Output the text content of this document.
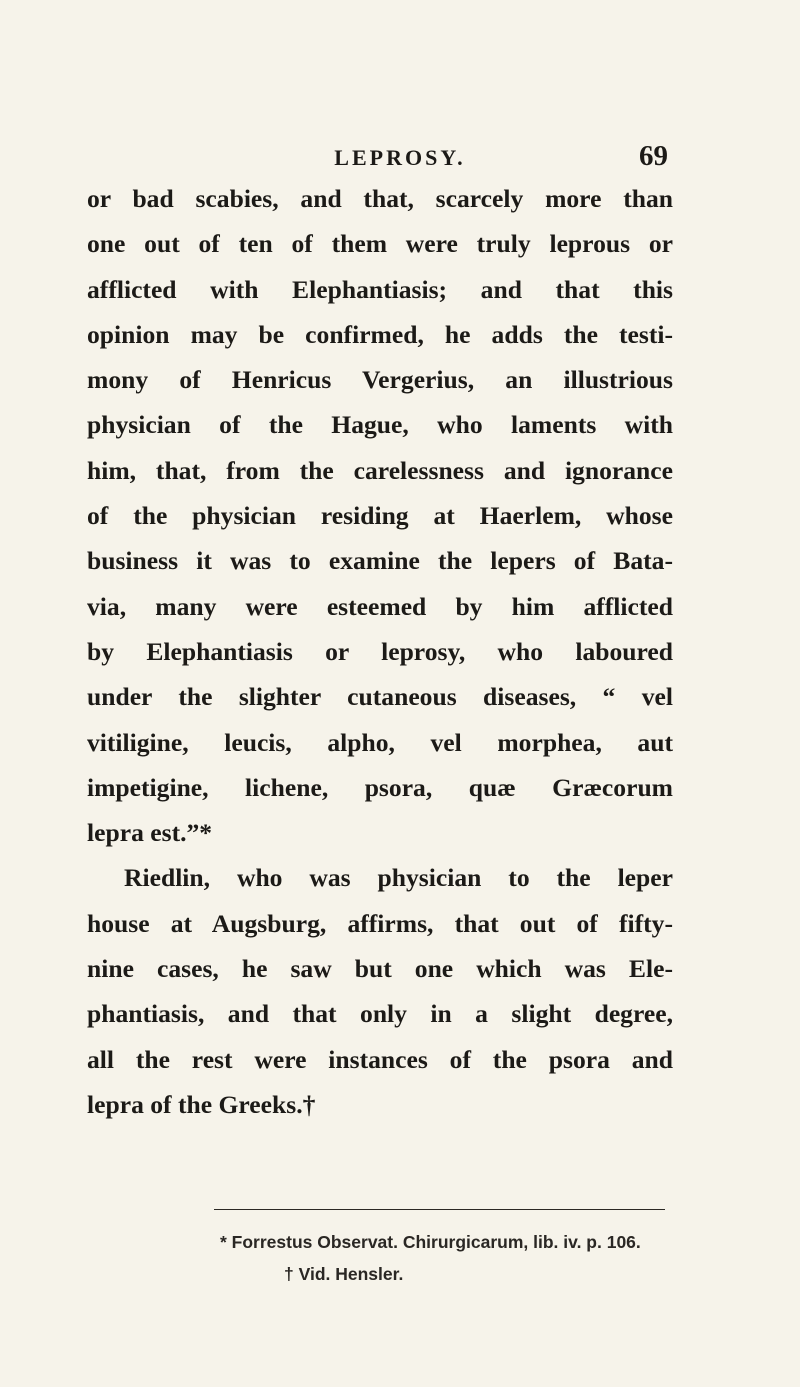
LEPROSY.	69
or bad scabies, and that, scarcely more than
one out of ten of them were truly leprous or
afflicted with Elephantiasis; and that this
opinion may be confirmed, he adds the testi-
mony of Henricus Vergerius, an illustrious
physician of the Hague, who laments with
him, that, from the carelessness and ignorance
of the physician residing at Haerlem, whose
business it was to examine the lepers of Bata-
via, many were esteemed by him afflicted
by Elephantiasis or leprosy, who laboured
under the slighter cutaneous diseases, “ vel
vitiligine, leucis, alpho, vel morphea, aut
impetigine, lichene, psora, quæ Græcorum
lepra est.”*
Riedlin, who was physician to the leper
house at Augsburg, affirms, that out of fifty-
nine cases, he saw but one which was Ele-
phantiasis, and that only in a slight degree,
all the rest were instances of the psora and
lepra of the Greeks.†
* Forrestus Observat. Chirurgicarum, lib. iv. p. 106.
† Vid. Hensler.
